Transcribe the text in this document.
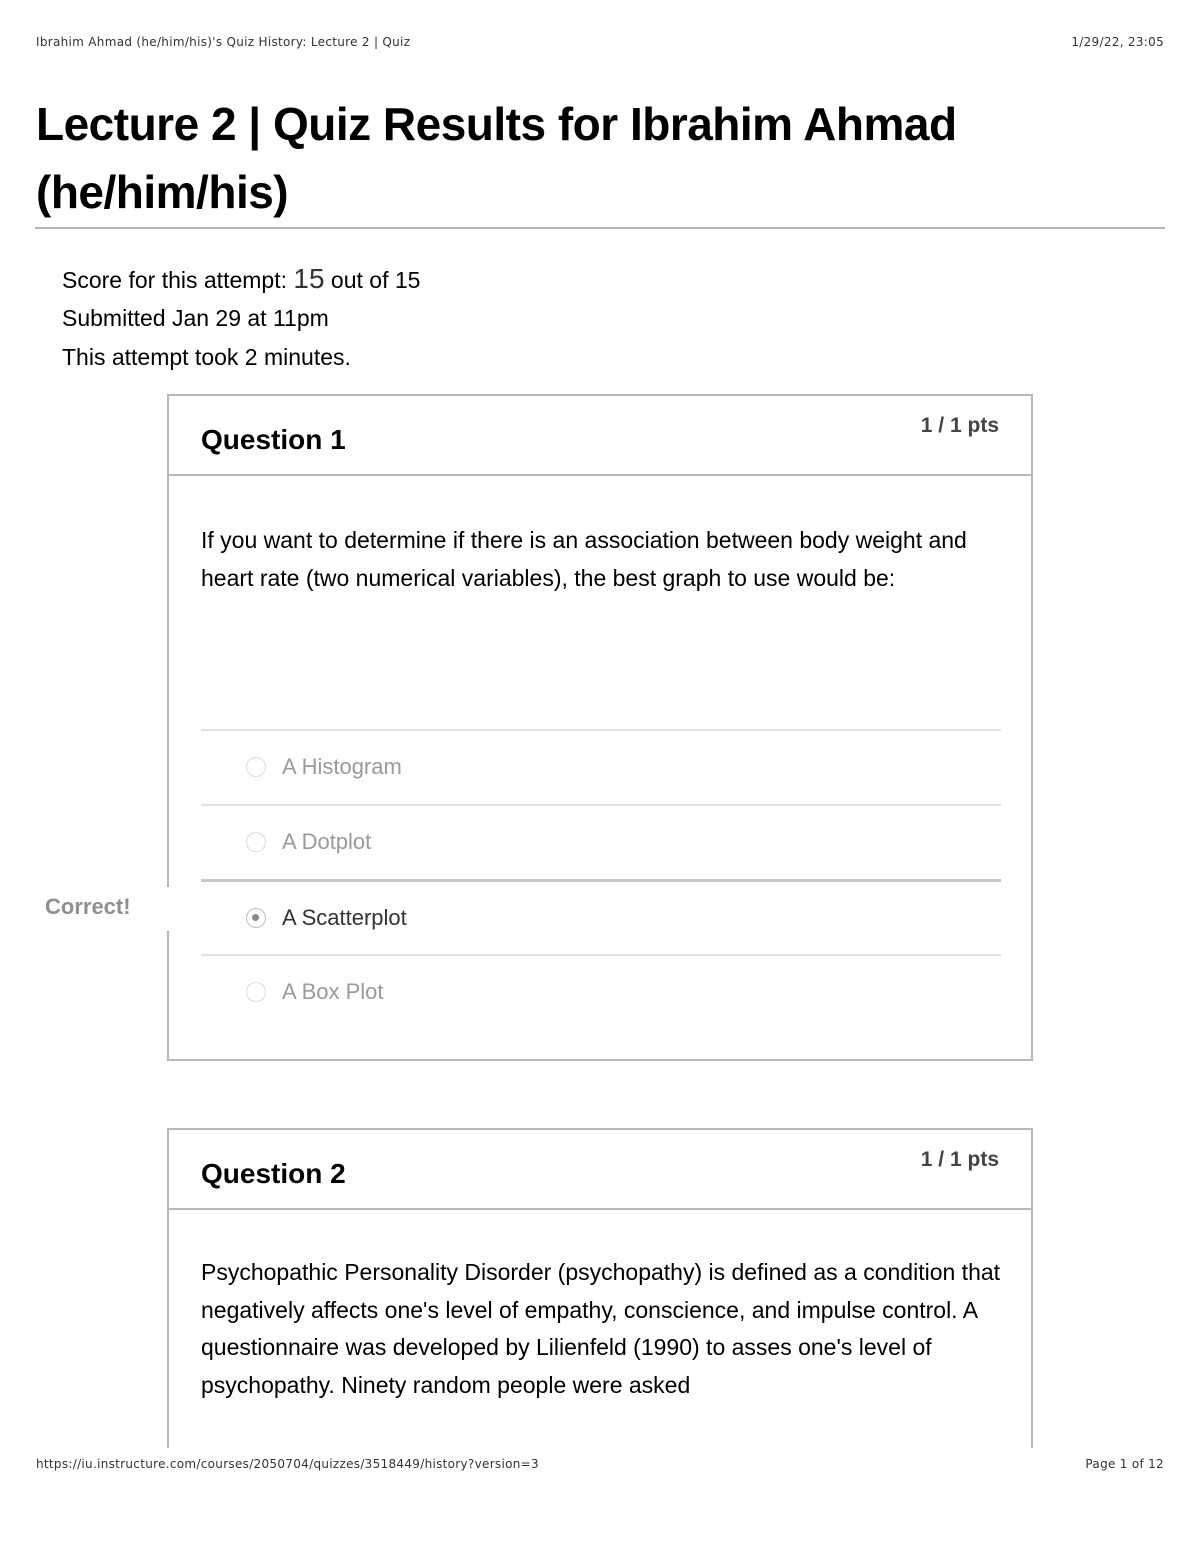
Ibrahim Ahmad (he/him/his)'s Quiz History: Lecture 2 | Quiz	1/29/22, 23:05
Lecture 2 | Quiz Results for Ibrahim Ahmad
(he/him/his)
Score for this attempt: 15 out of 15
Submitted Jan 29 at 11pm
This attempt took 2 minutes.
Question 1	1 / 1 pts
If you want to determine if there is an association between body weight and heart rate (two numerical variables), the best graph to use would be:
A Histogram
A Dotplot
A Scatterplot
A Box Plot
Correct!
Question 2	1 / 1 pts
Psychopathic Personality Disorder (psychopathy) is defined as a condition that negatively affects one's level of empathy, conscience, and impulse control. A questionnaire was developed by Lilienfeld (1990) to asses one's level of psychopathy. Ninety random people were asked
https://iu.instructure.com/courses/2050704/quizzes/3518449/history?version=3	Page 1 of 12
